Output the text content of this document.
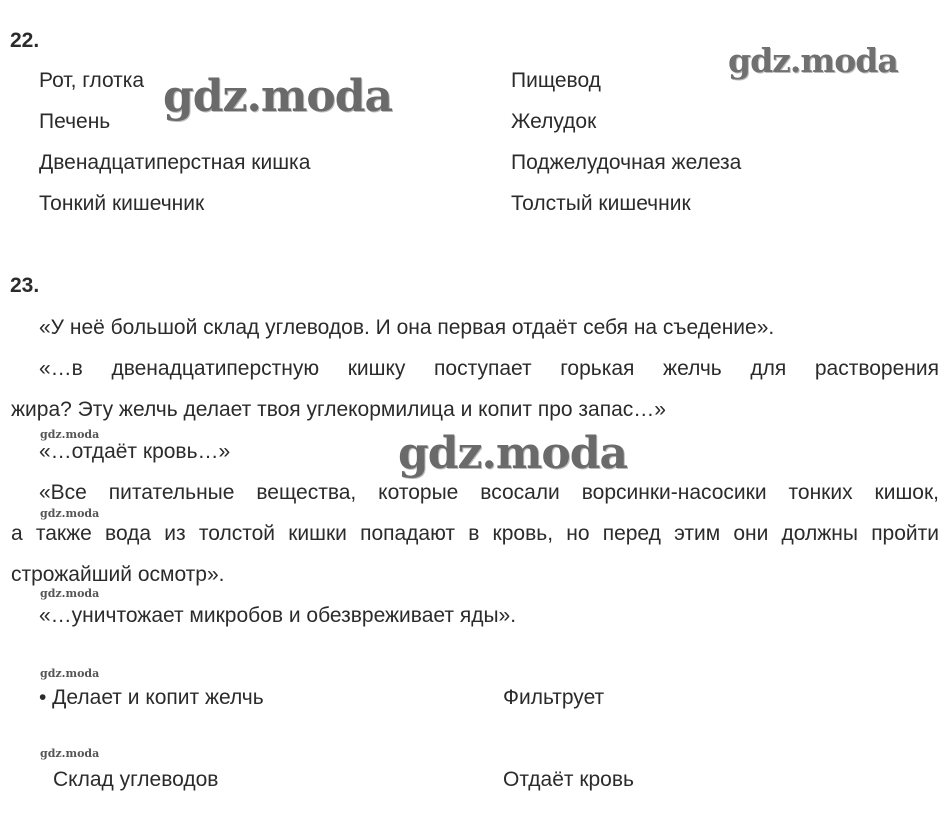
22.
Рот, глотка
Печень
Двенадцатиперстная кишка
Тонкий кишечник
Пищевод
Желудок
Поджелудочная железа
Толстый кишечник
23.
«У неё большой склад углеводов. И она первая отдаёт себя на съедение».
«…в двенадцатиперстную кишку поступает горькая желчь для растворения
жира? Эту желчь делает твоя углекормилица и копит про запас…»
«…отдаёт кровь…»
«Все питательные вещества, которые всосали ворсинки-насосики тонких кишок,
а также вода из толстой кишки попадают в кровь, но перед этим они должны пройти
строжайший осмотр».
«…уничтожает микробов и обезвреживает яды».
• Делает и копит желчь	Фильтрует
Склад углеводов	Отдаёт кровь
gdz.moda
gdz.moda
gdz.moda
gdz.moda
gdz.moda
gdz.moda
gdz.moda
gdz.moda
